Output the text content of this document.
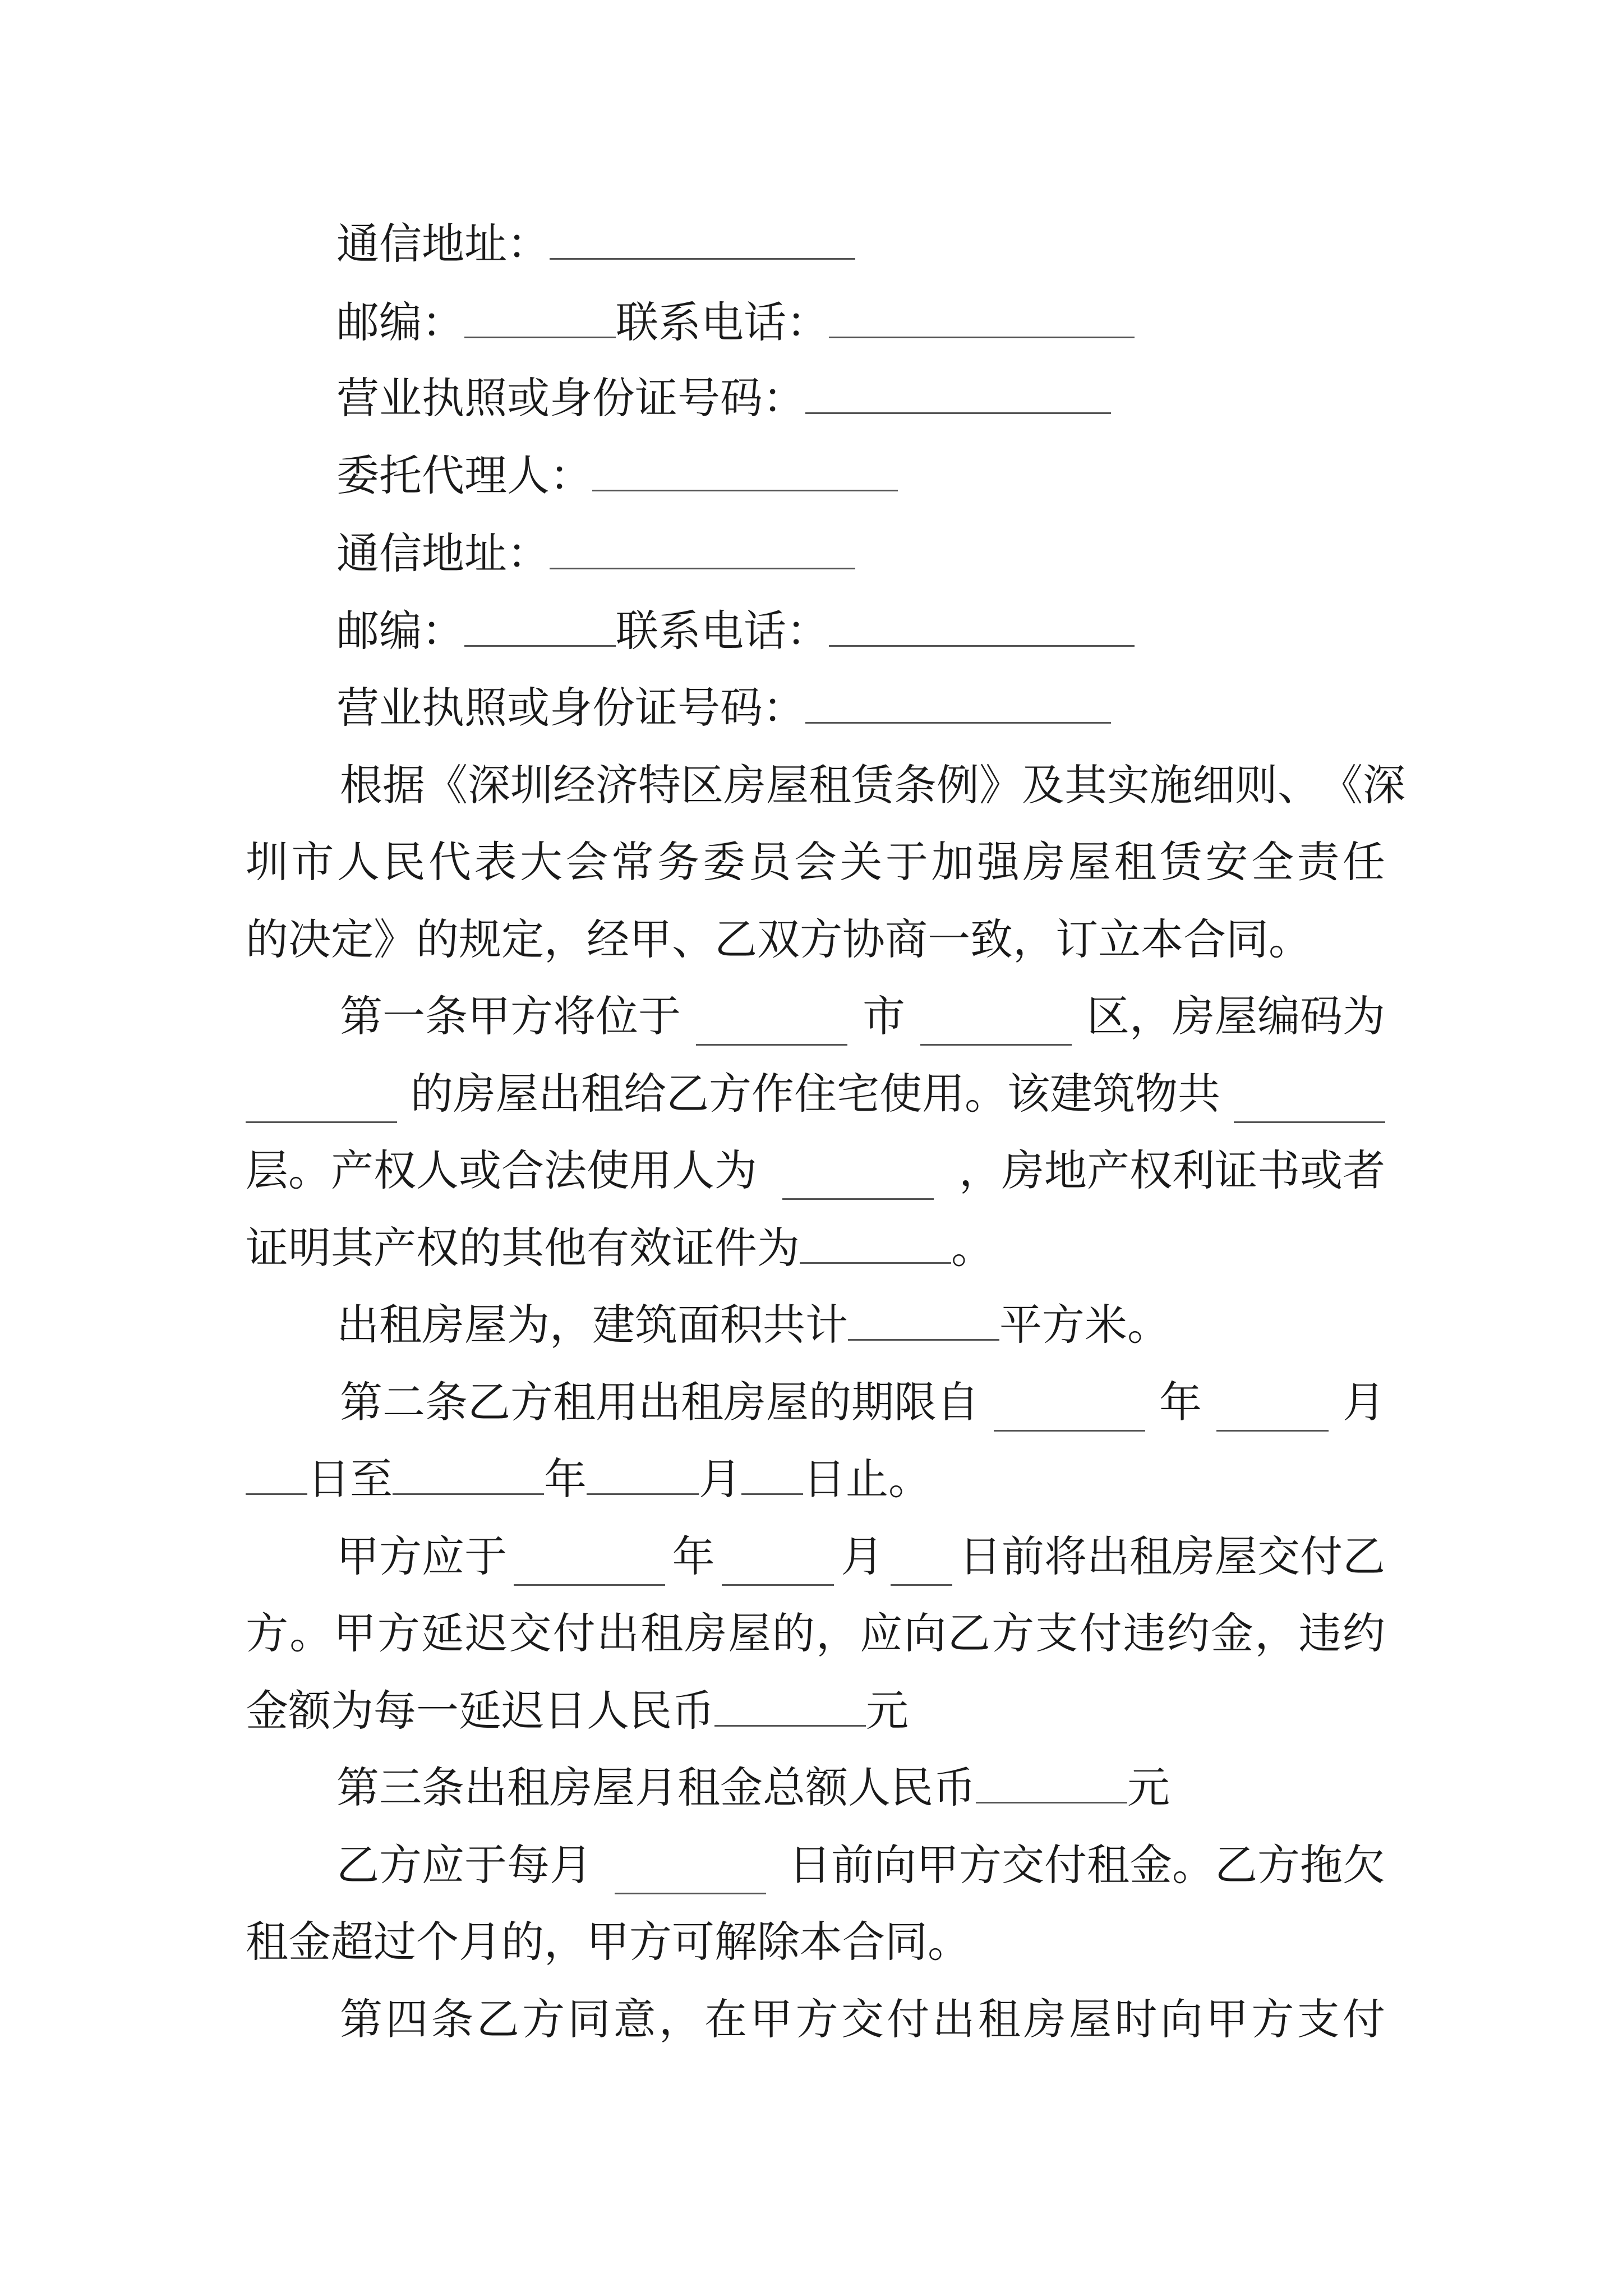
通信地址：
邮编：	联系电话：
营业执照或身份证号码：
委托代理人：
通信地址：
邮编：	联系电话：
营业执照或身份证号码：
根 据 《 深 圳 经 济 特 区 房 屋 租 赁 条 例 》 及 其 实 施 细 则 、 《 深
圳 市 人 民 代 表 大 会 常 务 委 员 会 关 于 加 强 房 屋 租 赁 安 全 责 任
的决定》的规定，经甲、乙双方协商一致，订立本合同。
第一条甲方将位于	市	区，房屋编码为
的房屋出租给乙方作住宅使用。该建筑物共
层。产权人或合法使用人为	，房地产权利证书或者
证明其产权的其他有效证件为	。
出租房屋为，建筑面积共计	平方米。
第二条乙方租用出租房屋的期限自	年	月
日至	年	月 日止。
甲方应于	年	月 日前将出租房屋交付乙
方 。 甲 方 延 迟 交 付 出 租 房 屋 的 ， 应 向 乙 方 支 付 违 约 金 ， 违 约
金额为每一延迟日人民币	元
第三条出租房屋月租金总额人民币	元
乙方应于每月	日前向甲方交付租金。乙方拖欠
租金超过个月的，甲方可解除本合同。
第 四 条 乙 方 同 意 ， 在 甲 方 交 付 出 租 房 屋 时 向 甲 方 支 付
